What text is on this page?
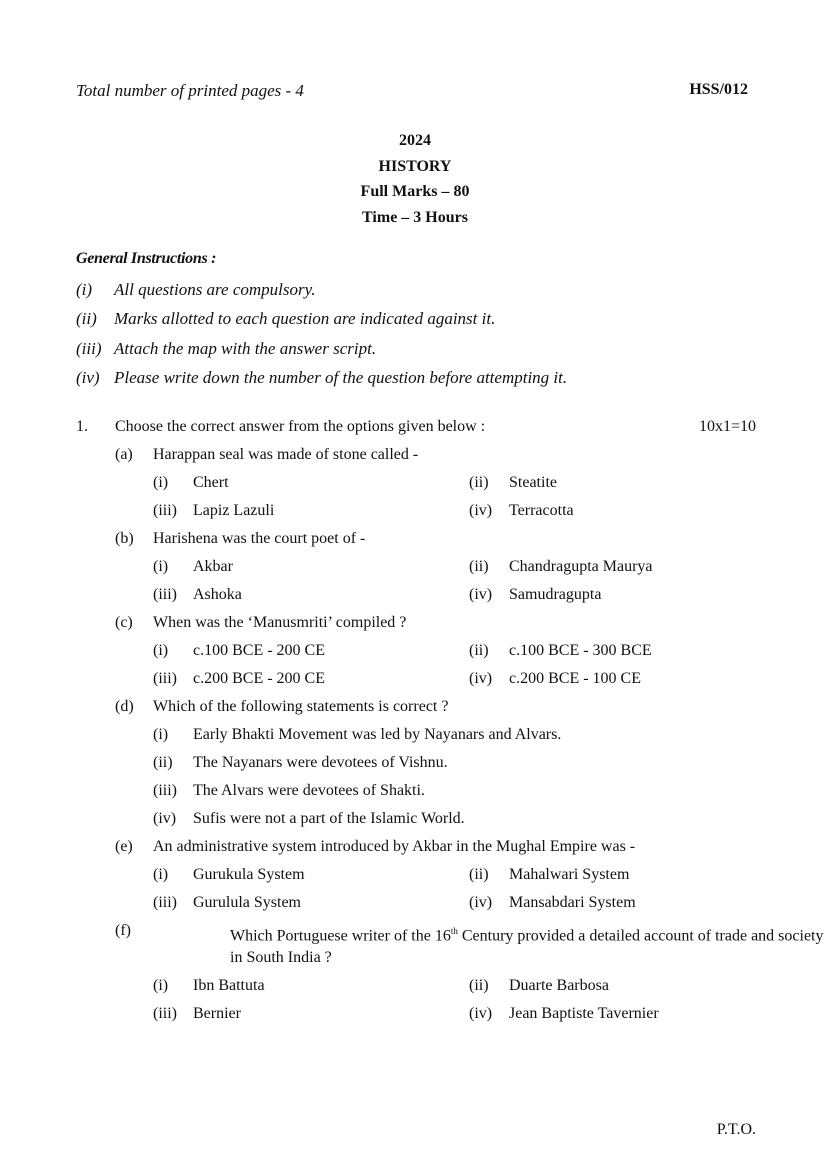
Total number of printed pages - 4	HSS/012
2024
HISTORY
Full Marks – 80
Time – 3 Hours
General Instructions :
(i) All questions are compulsory.
(ii) Marks allotted to each question are indicated against it.
(iii) Attach the map with the answer script.
(iv) Please write down the number of the question before attempting it.
1. Choose the correct answer from the options given below :	10x1=10
(a) Harappan seal was made of stone called -
(i) Chert	(ii) Steatite
(iii) Lapiz Lazuli	(iv) Terracotta
(b) Harishena was the court poet of -
(i) Akbar	(ii) Chandragupta Maurya
(iii) Ashoka	(iv) Samudragupta
(c) When was the ‘Manusmriti’ compiled ?
(i) c.100 BCE - 200 CE	(ii) c.100 BCE - 300 BCE
(iii) c.200 BCE - 200 CE	(iv) c.200 BCE - 100 CE
(d) Which of the following statements is correct ?
(i) Early Bhakti Movement was led by Nayanars and Alvars.
(ii) The Nayanars were devotees of Vishnu.
(iii) The Alvars were devotees of Shakti.
(iv) Sufis were not a part of the Islamic World.
(e) An administrative system introduced by Akbar in the Mughal Empire was -
(i) Gurukula System	(ii) Mahalwari System
(iii) Gurulula System	(iv) Mansabdari System
(f)	Which Portuguese writer of the 16th Century provided a detailed account of trade and society in South India ?
(i) Ibn Battuta	(ii) Duarte Barbosa
(iii) Bernier	(iv) Jean Baptiste Tavernier
P.T.O.
